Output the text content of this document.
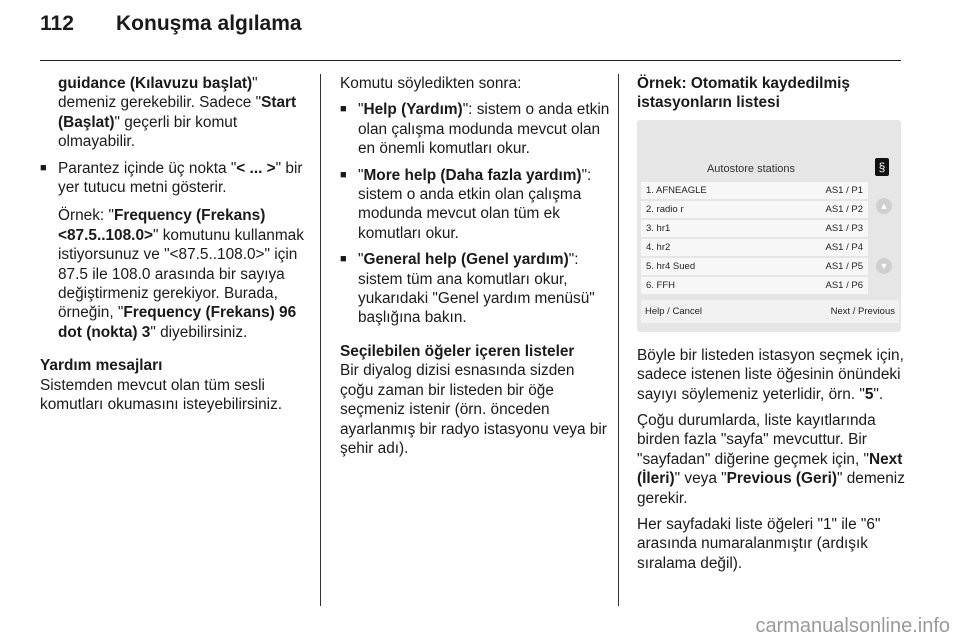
112	Konuşma algılama

guidance (Kılavuzu başlat)" demeniz gerekebilir. Sadece "Start (Başlat)" geçerli bir komut olmayabilir.

■ Parantez içinde üç nokta "< ... >" bir yer tutucu metni gösterir.

Örnek: "Frequency (Frekans) <87.5..108.0>" komutunu kullanmak istiyorsunuz ve "<87.5..108.0>" için 87.5 ile 108.0 arasında bir sayıya değiştirmeniz gerekiyor. Burada, örneğin, "Frequency (Frekans) 96 dot (nokta) 3" diyebilirsiniz.

Yardım mesajları
Sistemden mevcut olan tüm sesli komutları okumasını isteyebilirsiniz.

Komutu söyledikten sonra:

■ "Help (Yardım)": sistem o anda etkin olan çalışma modunda mevcut olan en önemli komutları okur.
■ "More help (Daha fazla yardım)": sistem o anda etkin olan çalışma modunda mevcut olan tüm ek komutları okur.
■ "General help (Genel yardım)": sistem tüm ana komutları okur, yukarıdaki "Genel yardım menüsü" başlığına bakın.

Seçilebilen öğeler içeren listeler
Bir diyalog dizisi esnasında sizden çoğu zaman bir listeden bir öğe seçmeniz istenir (örn. önceden ayarlanmış bir radyo istasyonu veya bir şehir adı).

Örnek: Otomatik kaydedilmiş istasyonların listesi

Autostore stations	§
1. AFNEAGLE	AS1 / P1
2. radio r	AS1 / P2
3. hr1	AS1 / P3
4. hr2	AS1 / P4
5. hr4 Sued	AS1 / P5
6. FFH	AS1 / P6
▲
▼
Help / Cancel	Next / Previous

Böyle bir listeden istasyon seçmek için, sadece istenen liste öğesinin önündeki sayıyı söylemeniz yeterlidir, örn. "5".

Çoğu durumlarda, liste kayıtlarında birden fazla "sayfa" mevcuttur. Bir "sayfadan" diğerine geçmek için, "Next (İleri)" veya "Previous (Geri)" demeniz gerekir.

Her sayfadaki liste öğeleri "1" ile "6" arasında numaralanmıştır (ardışık sıralama değil).

carmanualsonline.info
